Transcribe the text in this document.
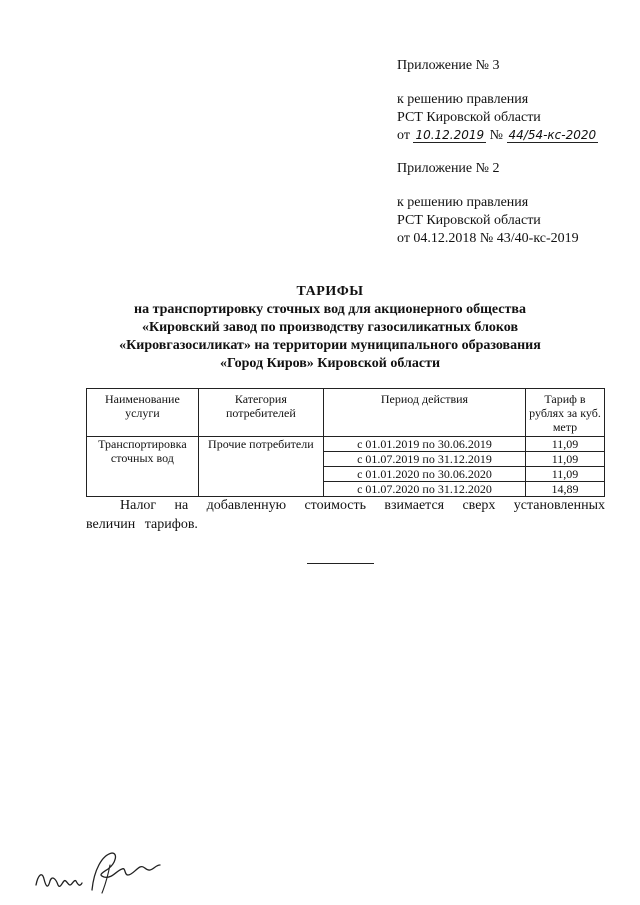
Приложение № 3
к решению правления
РСТ Кировской области
от 10.12.2019 № 44/54-кс-2020
Приложение № 2
к решению правления
РСТ Кировской области
от 04.12.2018 № 43/40-кс-2019
ТАРИФЫ
на транспортировку сточных вод для акционерного общества
«Кировский завод по производству газосиликатных блоков
«Кировгазосиликат» на территории муниципального образования
«Город Киров» Кировской области
Наименование услуги	Категория потребителей	Период действия	Тариф в рублях за куб. метр
Транспортировка сточных вод	Прочие потребители	с 01.01.2019 по 30.06.2019	11,09
		с 01.07.2019 по 31.12.2019	11,09
		с 01.01.2020 по 30.06.2020	11,09
		с 01.07.2020 по 31.12.2020	14,89
Налог на добавленную стоимость взимается сверх установленных величин тарифов.
